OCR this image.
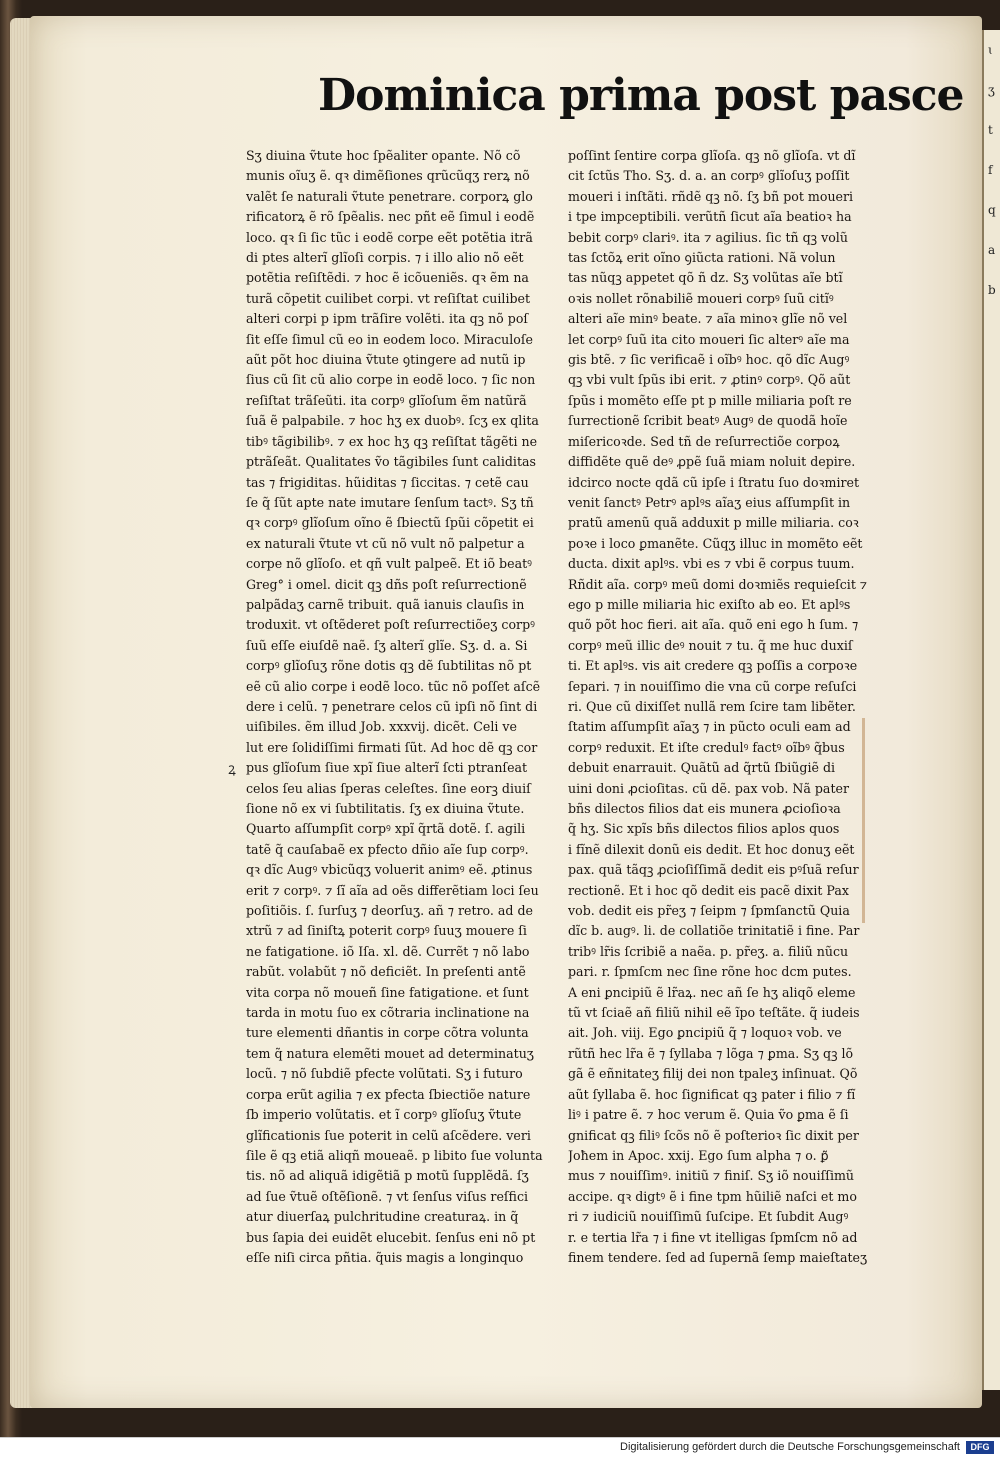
ɩ
ʒ
t
f
q
a
b
Dominica prima post pasce
Sʒ diuina ṽtute hoc ſpẽaliter opante. Nõ cõ
munis oĩuʒ ẽ. qꝛ dimẽſiones qrũcũqʒ rerꝝ nõ
valẽt ſe naturali ṽtute penetrare. corporꝝ glo
rificatorꝝ ẽ rõ ſpẽalis. nec pñt eẽ ſimul i eodẽ
loco. qꝛ ſi ſic tũc i eodẽ corpe eẽt potẽtia itrã
di ptes alterĩ glĩoſi corpis. ⁊ i illo alio nõ eẽt
potẽtia reſiſtẽdi. ⁊ hoc ẽ icõueniẽs. qꝛ ẽm na
turã cõpetit cuilibet corpi. vt reſiſtat cuilibet
alteri corpi p ipm trãſire volẽti. ita qꝫ nõ poſ
ſit eſſe ſimul cũ eo in eodem loco. Miraculoſe
aũt põt hoc diuina ṽtute ꝯtingere ad nutũ ip
ſius cũ ſit cũ alio corpe in eodẽ loco. ⁊ ſic non
reſiſtat trãſeũti. ita corpꝰ glĩoſum ẽm natũrã
ſuã ẽ palpabile. ⁊ hoc hʒ ex duobꝰ. ſcʒ ex qlita
tibꝰ tãgibilibꝰ. ⁊ ex hoc hʒ qꝫ reſiſtat tãgẽti ne
ptrãſeãt. Qualitates ṽo tãgibiles ſunt caliditas
tas ⁊ frigiditas. hũiditas ⁊ ſiccitas. ⁊ cetẽ cau
ſe q̃ ſũt apte nate imutare ſenſum tactꝰ. Sʒ tñ
qꝛ corpꝰ glĩoſum oĩno ẽ ſbiectũ ſpũi cõpetit ei
ex naturali ṽtute vt cũ nõ vult nõ palpetur a
corpe nõ glĩoſo. et qñ vult palpeẽ. Et iõ beatꝰ
Greg° i omel. dicit qꝫ dñs poſt reſurrectionẽ
palpãdaʒ carnẽ tribuit. quã ianuis clauſis in
troduxit. vt oſtẽderet poſt reſurrectiõeʒ corpꝰ
ſuũ eſſe eiuſdẽ naẽ. ſʒ alterĩ glĩe. Sʒ. d. a. Si
corpꝰ glĩoſuʒ rõne dotis qꝫ dẽ ſubtilitas nõ pt
eẽ cũ alio corpe i eodẽ loco. tũc nõ poſſet aſcẽ
dere i celũ. ⁊ penetrare celos cũ ipſi nõ ſint di
uiſibiles. ẽm illud Job. xxxvij. dicẽt. Celi ve
lut ere ſolidiſſimi firmati ſũt. Ad hoc dẽ qꝫ cor
pus glĩoſum ſiue xpĩ ſiue alterĩ ſcti ptranſeat
celos ſeu alias ſperas celeſtes. ſine eorꝫ diuiſ
ſione nõ ex vi ſubtilitatis. ſʒ ex diuina ṽtute.
Quarto aſſumpſit corpꝰ xpĩ q̃rtã dotẽ. ſ. agili
tatẽ q̃ cauſabaẽ ex pfecto dñio aĩe ſup corpꝰ.
qꝛ dĩc Augꝰ vbicũqʒ voluerit animꝰ eẽ. ꝓtinus
erit ⁊ corpꝰ. ⁊ ſĩ aĩa ad oẽs differẽtiam loci ſeu
poſitiõis. ſ. ſurſuʒ ⁊ deorſuʒ. añ ⁊ retro. ad de
xtrũ ⁊ ad ſiniſtꝝ poterit corpꝰ ſuuʒ mouere ſi
ne fatigatione. iõ Iſa. xl. dẽ. Currẽt ⁊ nõ labo
rabũt. volabũt ⁊ nõ deficiẽt. In preſenti antẽ
vita corpa nõ moueñ ſine fatigatione. et ſunt
tarda in motu ſuo ex cõtraria inclinatione na
ture elementi dñantis in corpe cõtra volunta
tem q̃ natura elemẽti mouet ad determinatuʒ
locũ. ⁊ nõ ſubdiẽ pfecte volũtati. Sʒ i futuro
corpa erũt agilia ⁊ ex pfecta ſbiectiõe nature
ſb imperio volũtatis. et ĩ corpꝰ glĩoſuʒ ṽtute
glĩficationis ſue poterit in celũ aſcẽdere. veri
ſile ẽ qꝫ etiã aliqñ moueaẽ. p libito ſue volunta
tis. nõ ad aliquã idigẽtiã p motũ ſupplẽdã. ſʒ
ad ſue ṽtuẽ oſtẽſionẽ. ⁊ vt ſenſus viſus reſfici
atur diuerſaꝝ pulchritudine creaturaꝝ. in q̃
bus ſapia dei euidẽt elucebit. ſenſus eni nõ pt
eſſe niſi circa pñtia. q̃uis magis a longinquo
poſſint ſentire corpa glĩoſa. qꝫ nõ glĩoſa. vt dĩ
cit ſctũs Tho. Sʒ. d. a. an corpꝰ glĩoſuʒ poſſit
moueri i inſtãti. rñdẽ qꝫ nõ. ſʒ bñ pot moueri
i tpe impceptibili. verũtñ ſicut aĩa beatioꝛ ha
bebit corpꝰ clariꝰ. ita ⁊ agilius. ſic tñ qꝫ volũ
tas ſctõꝝ erit oĩno ꝯiũcta rationi. Nã volun
tas nũqꝫ appetet qõ ñ dz. Sʒ volũtas aĩe btĩ
oꝛis nollet rõnabiliẽ moueri corpꝰ ſuũ citĩꝰ
alteri aĩe minꝰ beate. ⁊ aĩa minoꝛ glĩe nõ vel
let corpꝰ ſuũ ita cito moueri ſic alterꝰ aĩe ma
gis btẽ. ⁊ ſic verificaẽ i oĩbꝰ hoc. qõ dĩc Augꝰ
qꝫ vbi vult ſpũs ibi erit. ⁊ ꝓtinꝰ corpꝰ. Qõ aũt
ſpũs i momẽto eſſe pt p mille miliaria poſt re
ſurrectionẽ ſcribit beatꝰ Augꝰ de quodã hoĩe
miſericoꝛde. Sed tñ de reſurrectiõe corpoꝝ
diffidẽte quẽ deꝰ ꝓpẽ ſuã miam noluit depire.
idcirco nocte qdã cũ ipſe i ſtratu ſuo doꝛmiret
venit ſanctꝰ Petrꝰ aplꝰs aĩaʒ eius aſſumpſit in
pratũ amenũ quã adduxit p mille miliaria. coꝛ
poꝛe i loco ꝑmanẽte. Cũqʒ illuc in momẽto eẽt
ducta. dixit aplꝰs. vbi es ⁊ vbi ẽ corpus tuum.
Rñdit aĩa. corpꝰ meũ domi doꝛmiẽs requieſcit ⁊
ego p mille miliaria hic exiſto ab eo. Et aplꝰs
quõ põt hoc fieri. ait aĩa. quõ eni ego h ſum. ⁊
corpꝰ meũ illic deꝰ nouit ⁊ tu. q̃ me huc duxiſ
ti. Et aplꝰs. vis ait credere qꝫ poſſis a corpoꝛe
ſepari. ⁊ in nouiſſimo die vna cũ corpe reſuſci
ri. Que cũ dixiſſet nullã rem ſcire tam libẽter.
ſtatim aſſumpſit aĩaʒ ⁊ in pũcto oculi eam ad
corpꝰ reduxit. Et iſte credulꝰ factꝰ oĩbꝰ q̃bus
debuit enarrauit. Quãtũ ad q̃rtũ ſbiũgiẽ di
uini doni ꝓcioſitas. cũ dẽ. pax vob. Nã pater
bñs dilectos filios dat eis munera ꝓcioſioꝛa
q̃ hʒ. Sic xpĩs bñs dilectos filios aplos quos
i fĩnẽ dilexit donũ eis dedit. Et hoc donuʒ eẽt
pax. quã tãqꝫ ꝓcioſiſſimã dedit eis pꝰſuã reſur
rectionẽ. Et i hoc qõ dedit eis pacẽ dixit Pax
vob. dedit eis pr̃eʒ ⁊ ſeipm ⁊ ſpmſanctũ Quia
dĩc b. augꝰ. li. de collatiõe trinitatiẽ i fine. Par
tribꝰ lr̃is ſcribiẽ a naẽa. p. pr̃eʒ. a. filiũ nũcu
pari. r. ſpmſcm nec ſine rõne hoc dcm putes.
A eni ꝑncipiũ ẽ lr̃aꝝ. nec añ ſe hʒ aliqõ eleme
tũ vt ſciaẽ añ filiũ nihil eẽ ĩpo teſtãte. q̃ iudeis
ait. Joh. viij. Ego ꝑncipiũ q̃ ⁊ loquoꝛ vob. ve
rũtñ hec lr̃a ẽ ⁊ ſyllaba ⁊ lõga ⁊ ꝑma. Sʒ qꝫ lõ
gã ẽ eñnitateʒ filij dei non tpaleʒ inſinuat. Qõ
aũt ſyllaba ẽ. hoc ſignificat qꝫ pater i filio ⁊ fĩ
liꝰ i patre ẽ. ⁊ hoc verum ẽ. Quia ṽo ꝑma ẽ ſi
gnificat qꝫ filiꝰ ſcõs nõ ẽ poſterioꝛ ſic dixit per
Joħem in Apoc. xxij. Ego ſum alpha ⁊ o. ꝑ̃
mus ⁊ nouiſſimꝰ. initiũ ⁊ finiſ. Sʒ iõ nouiſſimũ
accipe. qꝛ digtꝰ ẽ i fine tpm hũiliẽ naſci et mo
ri ⁊ iudiciũ nouiſſimũ ſuſcipe. Et ſubdit Augꝰ
r. e tertia lr̃a ⁊ i fine vt itelligas ſpmſcm nõ ad
finem tendere. ſed ad ſupernã ſemp maieſtateʒ
Ꝝ
Digitalisierung gefördert durch die Deutsche Forschungsgemeinschaft	DFG
